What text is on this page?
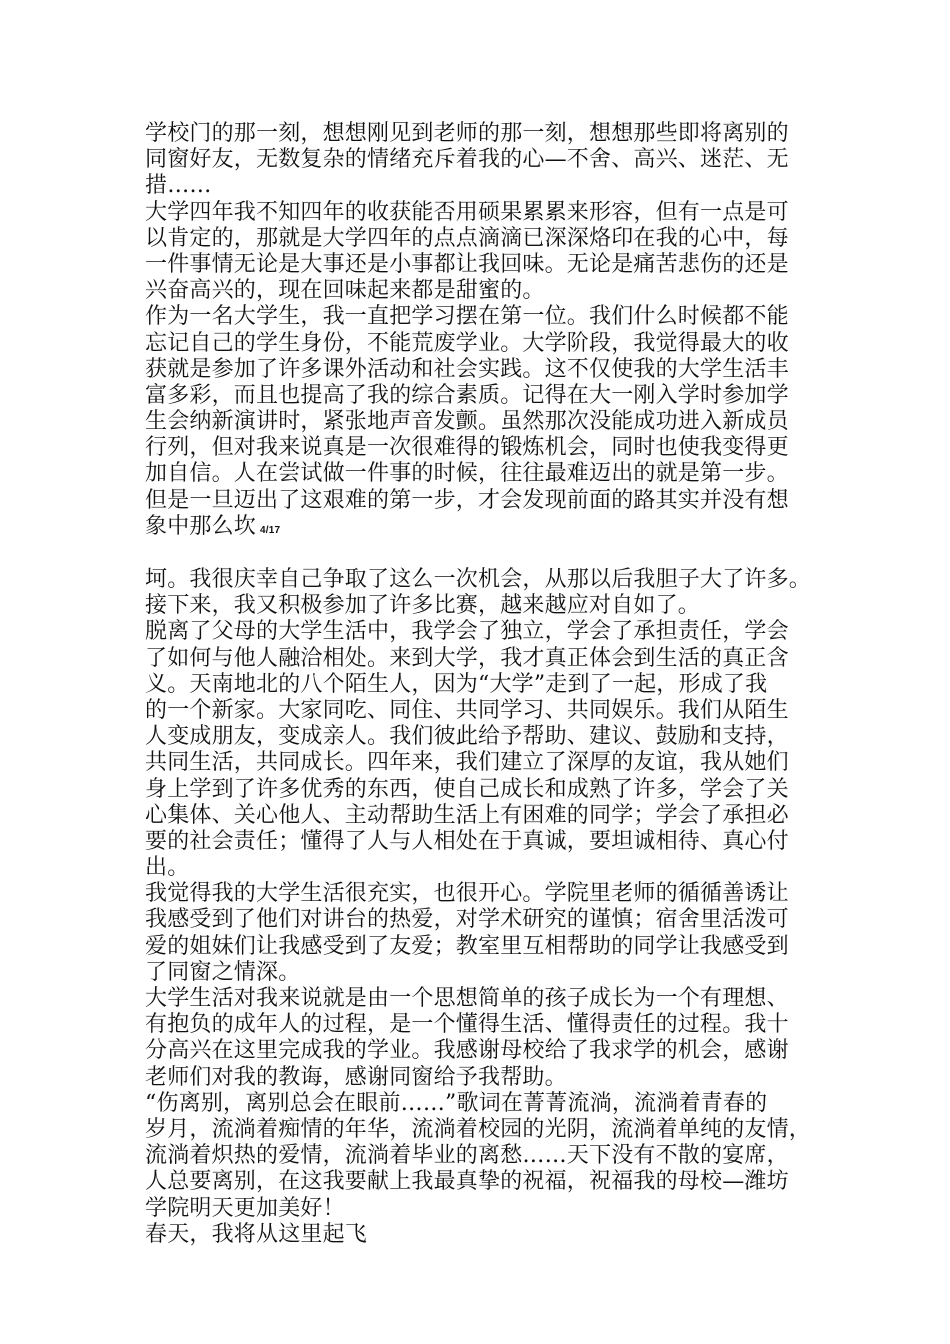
学校门的那一刻，想想刚见到老师的那一刻，想想那些即将离别的
同窗好友，无数复杂的情绪充斥着我的心—不舍、高兴、迷茫、无
措……
大学四年我不知四年的收获能否用硕果累累来形容，但有一点是可
以肯定的，那就是大学四年的点点滴滴已深深烙印在我的心中，每
一件事情无论是大事还是小事都让我回味。无论是痛苦悲伤的还是
兴奋高兴的，现在回味起来都是甜蜜的。
作为一名大学生，我一直把学习摆在第一位。我们什么时候都不能
忘记自己的学生身份，不能荒废学业。大学阶段，我觉得最大的收
获就是参加了许多课外活动和社会实践。这不仅使我的大学生活丰
富多彩，而且也提高了我的综合素质。记得在大一刚入学时参加学
生会纳新演讲时，紧张地声音发颤。虽然那次没能成功进入新成员
行列，但对我来说真是一次很难得的锻炼机会，同时也使我变得更
加自信。人在尝试做一件事的时候，往往最难迈出的就是第一步。
但是一旦迈出了这艰难的第一步，才会发现前面的路其实并没有想
象中那么坎 4/17
坷。我很庆幸自己争取了这么一次机会，从那以后我胆子大了许多。
接下来，我又积极参加了许多比赛，越来越应对自如了。
脱离了父母的大学生活中，我学会了独立，学会了承担责任，学会
了如何与他人融洽相处。来到大学，我才真正体会到生活的真正含
义。天南地北的八个陌生人，因为“大学”走到了一起，形成了我
的一个新家。大家同吃、同住、共同学习、共同娱乐。我们从陌生
人变成朋友，变成亲人。我们彼此给予帮助、建议、鼓励和支持，
共同生活，共同成长。四年来，我们建立了深厚的友谊，我从她们
身上学到了许多优秀的东西，使自己成长和成熟了许多，学会了关
心集体、关心他人、主动帮助生活上有困难的同学；学会了承担必
要的社会责任；懂得了人与人相处在于真诚，要坦诚相待、真心付
出。
我觉得我的大学生活很充实，也很开心。学院里老师的循循善诱让
我感受到了他们对讲台的热爱，对学术研究的谨慎；宿舍里活泼可
爱的姐妹们让我感受到了友爱；教室里互相帮助的同学让我感受到
了同窗之情深。
大学生活对我来说就是由一个思想简单的孩子成长为一个有理想、
有抱负的成年人的过程，是一个懂得生活、懂得责任的过程。我十
分高兴在这里完成我的学业。我感谢母校给了我求学的机会，感谢
老师们对我的教诲，感谢同窗给予我帮助。
“伤离别，离别总会在眼前……”歌词在菁菁流淌，流淌着青春的
岁月，流淌着痴情的年华，流淌着校园的光阴，流淌着单纯的友情，
流淌着炽热的爱情，流淌着毕业的离愁……天下没有不散的宴席，
人总要离别，在这我要献上我最真挚的祝福，祝福我的母校—潍坊
学院明天更加美好！
春天，我将从这里起飞
